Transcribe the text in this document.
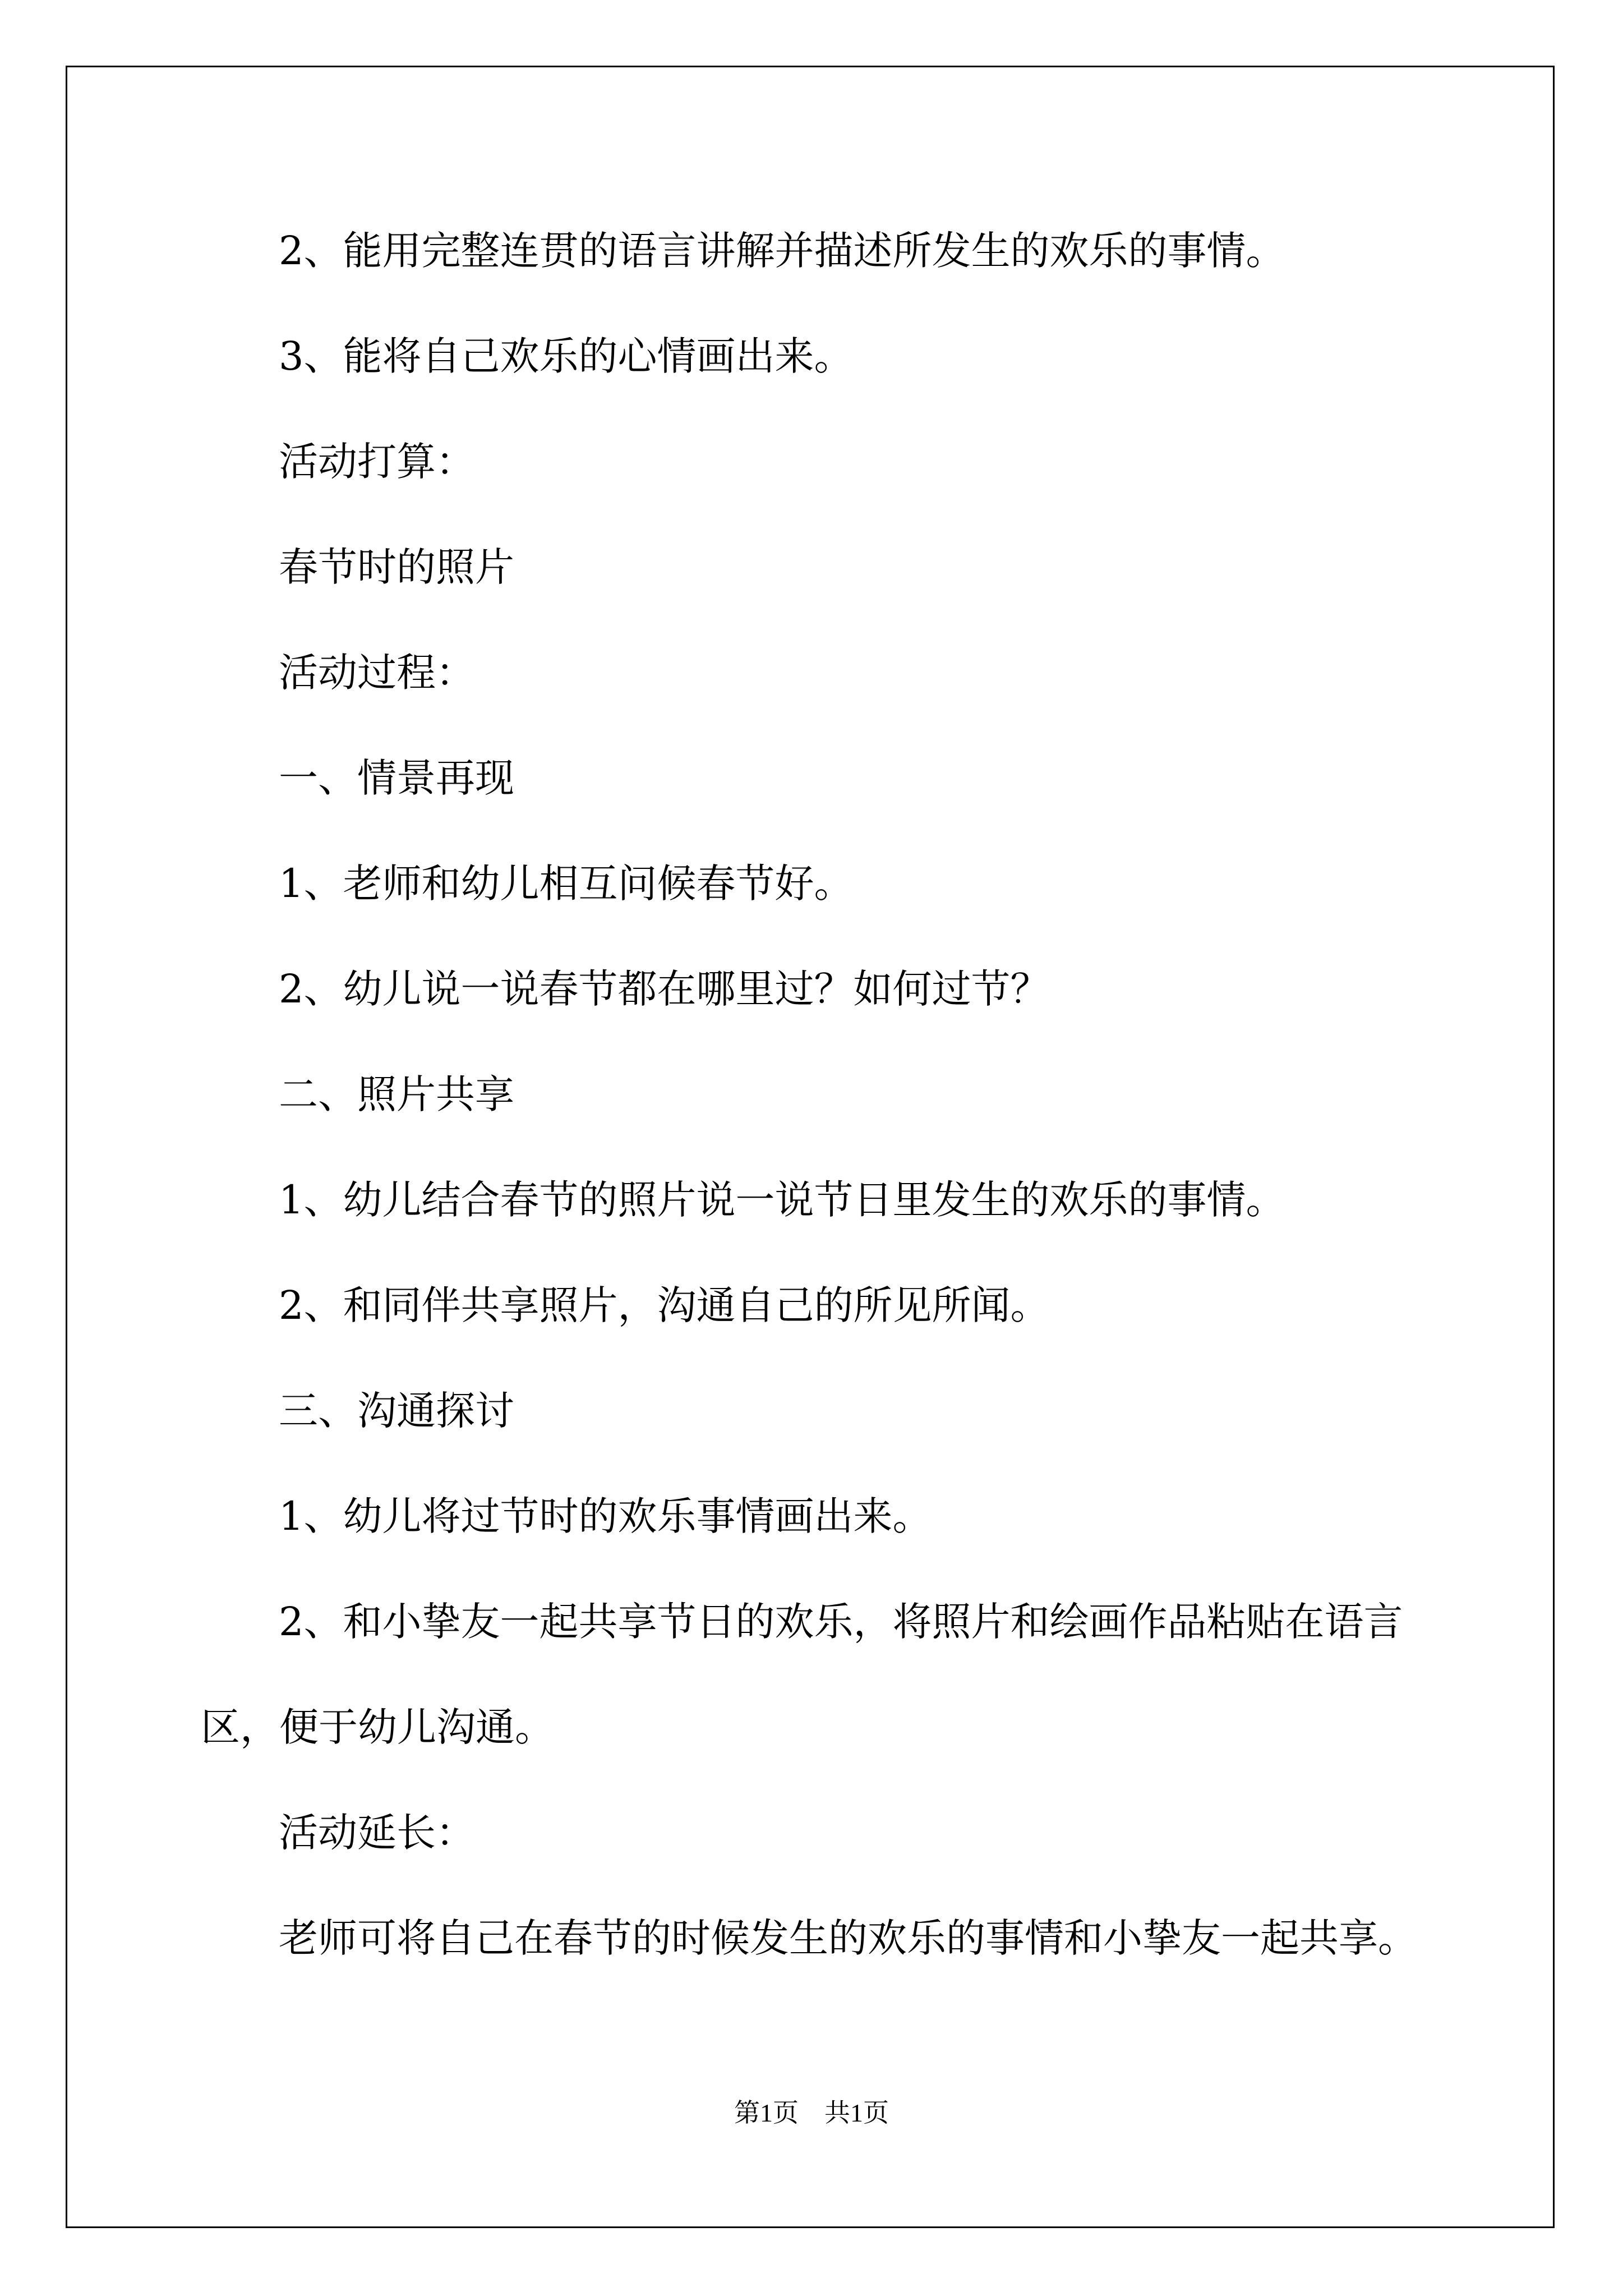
2、能用完整连贯的语言讲解并描述所发生的欢乐的事情。

3、能将自己欢乐的心情画出来。

活动打算：

春节时的照片

活动过程：

一、情景再现

1、老师和幼儿相互问候春节好。

2、幼儿说一说春节都在哪里过？如何过节？

二、照片共享

1、幼儿结合春节的照片说一说节日里发生的欢乐的事情。

2、和同伴共享照片，沟通自己的所见所闻。

三、沟通探讨

1、幼儿将过节时的欢乐事情画出来。

2、和小挚友一起共享节日的欢乐，将照片和绘画作品粘贴在语言

区，便于幼儿沟通。

活动延长：

老师可将自己在春节的时候发生的欢乐的事情和小挚友一起共享。

第1页　共1页
